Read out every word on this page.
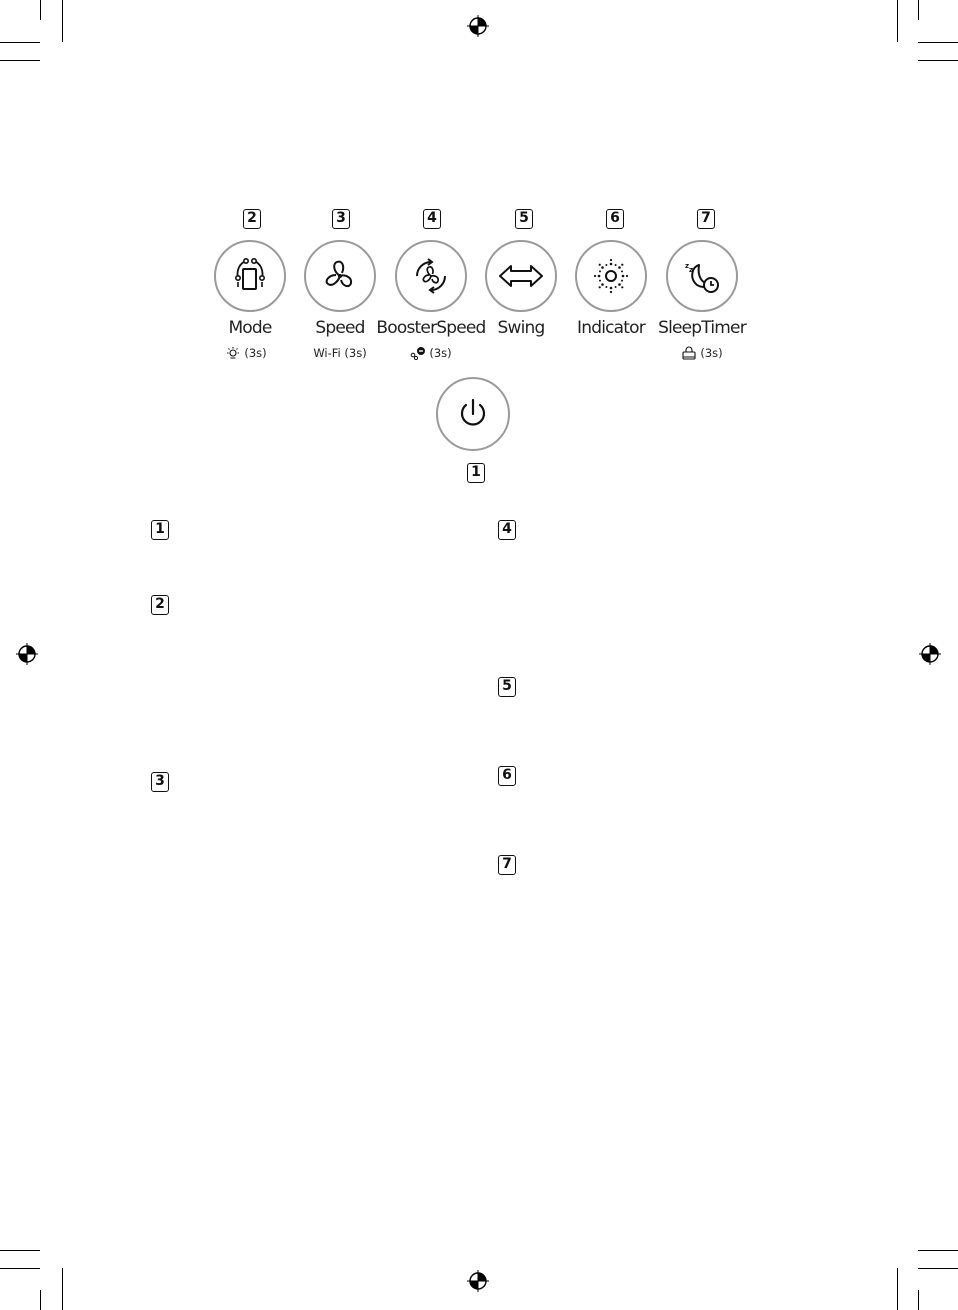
2	3	4	5	6	7
z z
Mode	Speed BoosterSpeed Swing	Indicator SleepTimer
(3s)	Wi-Fi (3s)	(3s)	(3s)
1
1
2
3
4
5
6
7
